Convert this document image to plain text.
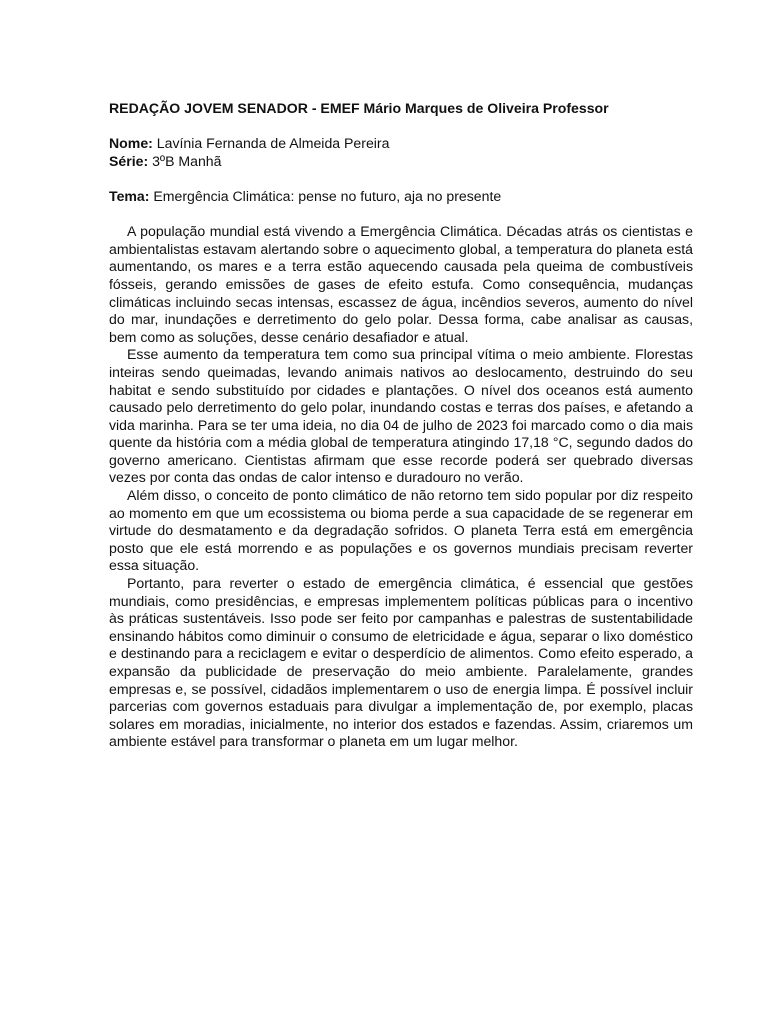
REDAÇÃO JOVEM SENADOR - EMEF Mário Marques de Oliveira Professor

Nome: Lavínia Fernanda de Almeida Pereira

Série: 3ºB Manhã

Tema: Emergência Climática: pense no futuro, aja no presente

A população mundial está vivendo a Emergência Climática. Décadas atrás os cientistas e ambientalistas estavam alertando sobre o aquecimento global, a temperatura do planeta está aumentando, os mares e a terra estão aquecendo causada pela queima de combustíveis fósseis, gerando emissões de gases de efeito estufa. Como consequência, mudanças climáticas incluindo secas intensas, escassez de água, incêndios severos, aumento do nível do mar, inundações e derretimento do gelo polar. Dessa forma, cabe analisar as causas, bem como as soluções, desse cenário desafiador e atual.

Esse aumento da temperatura tem como sua principal vítima o meio ambiente. Florestas inteiras sendo queimadas, levando animais nativos ao deslocamento, destruindo do seu habitat e sendo substituído por cidades e plantações. O nível dos oceanos está aumento causado pelo derretimento do gelo polar, inundando costas e terras dos países, e afetando a vida marinha. Para se ter uma ideia, no dia 04 de julho de 2023 foi marcado como o dia mais quente da história com a média global de temperatura atingindo 17,18 °C, segundo dados do governo americano. Cientistas afirmam que esse recorde poderá ser quebrado diversas vezes por conta das ondas de calor intenso e duradouro no verão.

Além disso, o conceito de ponto climático de não retorno tem sido popular por diz respeito ao momento em que um ecossistema ou bioma perde a sua capacidade de se regenerar em virtude do desmatamento e da degradação sofridos. O planeta Terra está em emergência posto que ele está morrendo e as populações e os governos mundiais precisam reverter essa situação.

Portanto, para reverter o estado de emergência climática, é essencial que gestões mundiais, como presidências, e empresas implementem políticas públicas para o incentivo às práticas sustentáveis. Isso pode ser feito por campanhas e palestras de sustentabilidade ensinando hábitos como diminuir o consumo de eletricidade e água, separar o lixo doméstico e destinando para a reciclagem e evitar o desperdício de alimentos. Como efeito esperado, a expansão da publicidade de preservação do meio ambiente. Paralelamente, grandes empresas e, se possível, cidadãos implementarem o uso de energia limpa. É possível incluir parcerias com governos estaduais para divulgar a implementação de, por exemplo, placas solares em moradias, inicialmente, no interior dos estados e fazendas. Assim, criaremos um ambiente estável para transformar o planeta em um lugar melhor.
